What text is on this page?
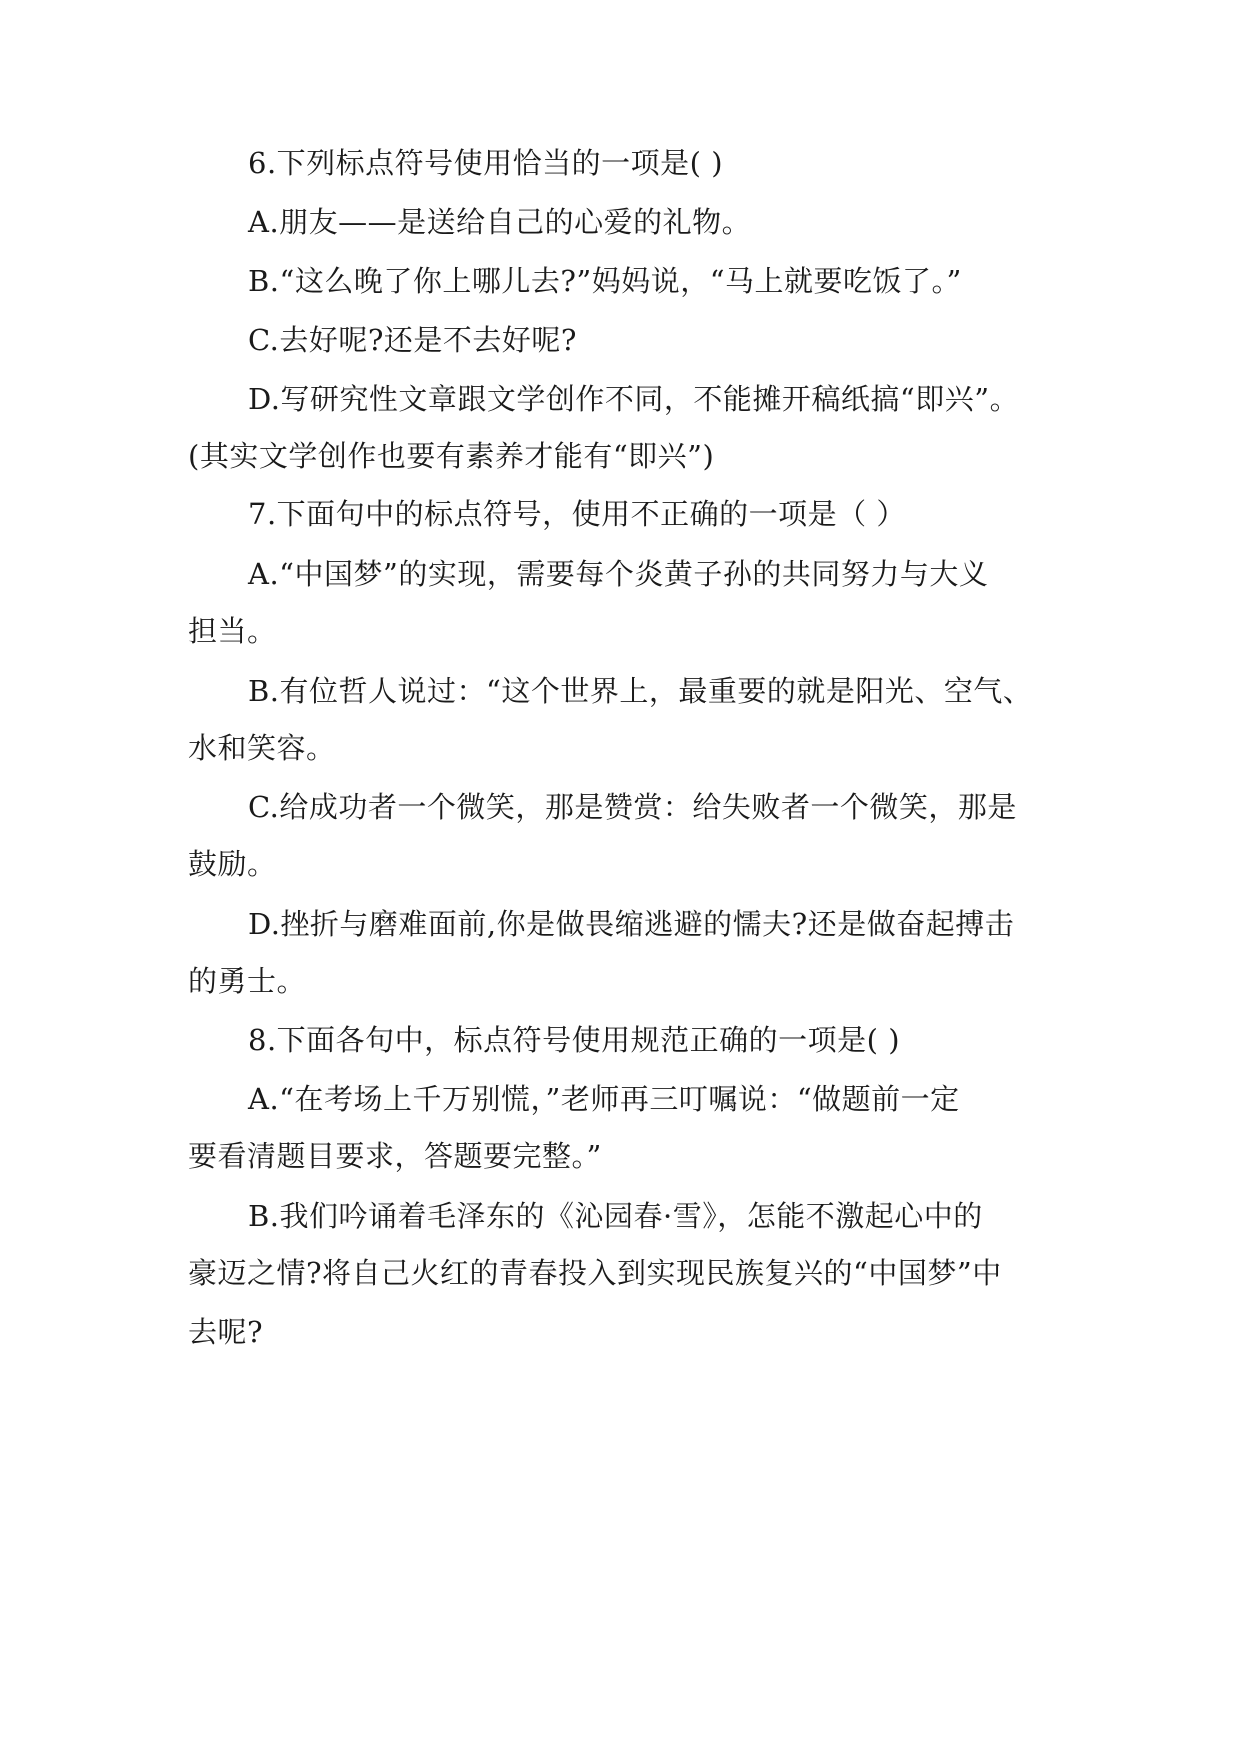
6.下列标点符号使用恰当的一项是( )
A.朋友——是送给自己的心爱的礼物。
B.“这么晚了你上哪儿去?”妈妈说，“马上就要吃饭了。”
C.去好呢?还是不去好呢?
D.写研究性文章跟文学创作不同，不能摊开稿纸搞“即兴”。
(其实文学创作也要有素养才能有“即兴”)
7.下面句中的标点符号，使用不正确的一项是（ ）
A.“中国梦”的实现，需要每个炎黄子孙的共同努力与大义
担当。
B.有位哲人说过：“这个世界上，最重要的就是阳光、空气、
水和笑容。
C.给成功者一个微笑，那是赞赏：给失败者一个微笑，那是
鼓励。
D.挫折与磨难面前,你是做畏缩逃避的懦夫?还是做奋起搏击
的勇士。
8.下面各句中，标点符号使用规范正确的一项是( )
A.“在考场上千万别慌，”老师再三叮嘱说：“做题前一定
要看清题目要求，答题要完整。”
B.我们吟诵着毛泽东的《沁园春·雪》，怎能不激起心中的
豪迈之情?将自己火红的青春投入到实现民族复兴的“中国梦”中
去呢?
